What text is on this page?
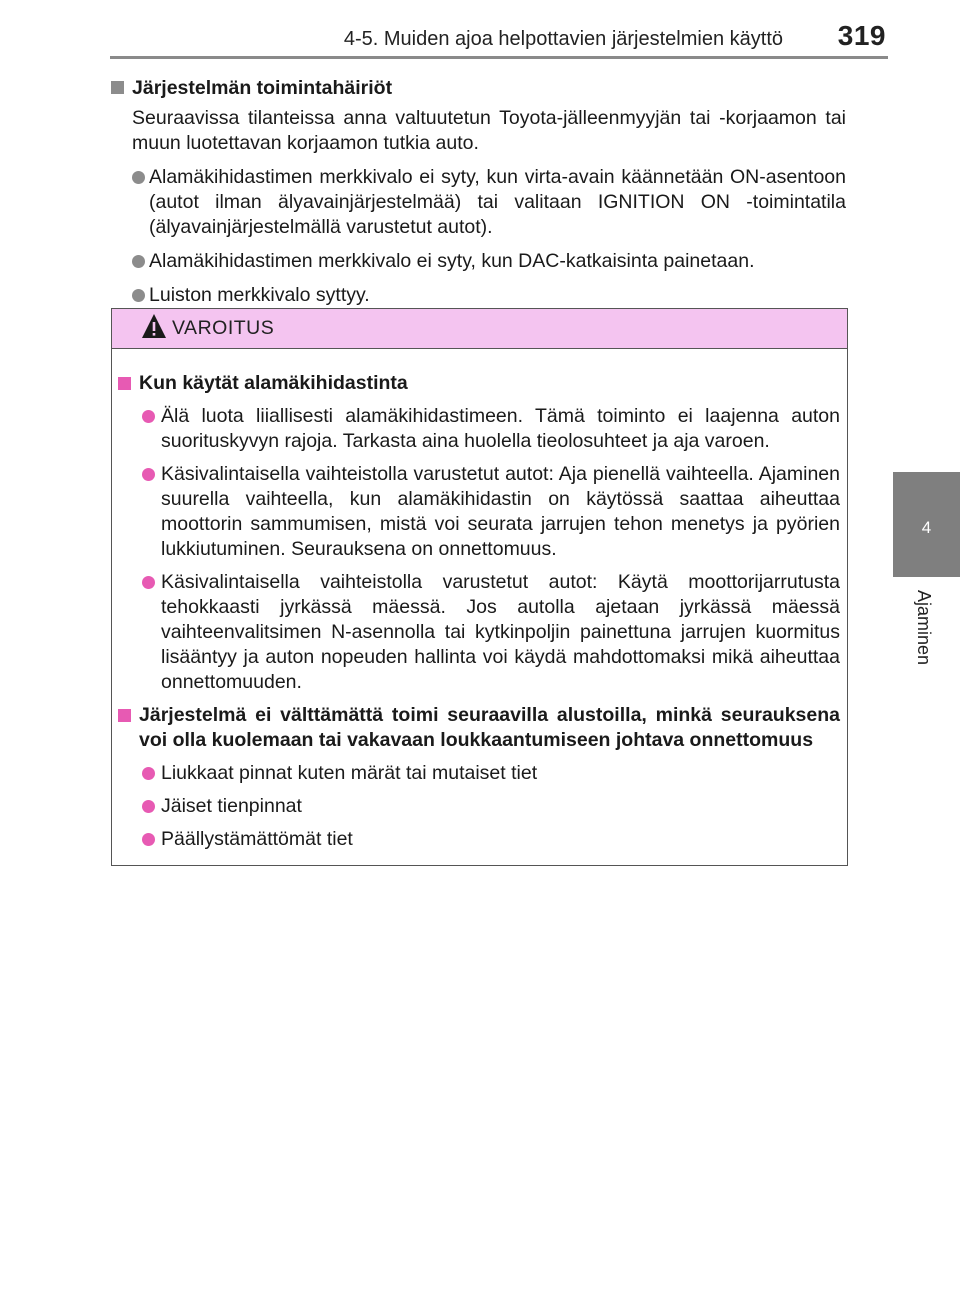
4-5. Muiden ajoa helpottavien järjestelmien käyttö 319
4
Ajaminen
Järjestelmän toimintahäiriöt
Seuraavissa tilanteissa anna valtuutetun Toyota-jälleenmyyjän tai -korjaamon tai muun luotettavan korjaamon tutkia auto.
Alamäkihidastimen merkkivalo ei syty, kun virta-avain käännetään ON-asentoon (autot ilman älyavainjärjestelmää) tai valitaan IGNITION ON -toimintatila (älyavainjärjestelmällä varustetut autot).
Alamäkihidastimen merkkivalo ei syty, kun DAC-katkaisinta painetaan.
Luiston merkkivalo syttyy.
VAROITUS
Kun käytät alamäkihidastinta
Älä luota liiallisesti alamäkihidastimeen. Tämä toiminto ei laajenna auton suorituskyvyn rajoja. Tarkasta aina huolella tieolosuhteet ja aja varoen.
Käsivalintaisella vaihteistolla varustetut autot: Aja pienellä vaihteella. Ajaminen suurella vaihteella, kun alamäkihidastin on käytössä saattaa aiheuttaa moottorin sammumisen, mistä voi seurata jarrujen tehon menetys ja pyörien lukkiutuminen. Seurauksena on onnettomuus.
Käsivalintaisella vaihteistolla varustetut autot: Käytä moottorijarrutusta tehokkaasti jyrkässä mäessä. Jos autolla ajetaan jyrkässä mäessä vaihteenvalitsimen N-asennolla tai kytkinpoljin painettuna jarrujen kuormitus lisääntyy ja auton nopeuden hallinta voi käydä mahdottomaksi mikä aiheuttaa onnettomuuden.
Järjestelmä ei välttämättä toimi seuraavilla alustoilla, minkä seurauksena voi olla kuolemaan tai vakavaan loukkaantumiseen johtava onnettomuus
Liukkaat pinnat kuten märät tai mutaiset tiet
Jäiset tienpinnat
Päällystämättömät tiet
